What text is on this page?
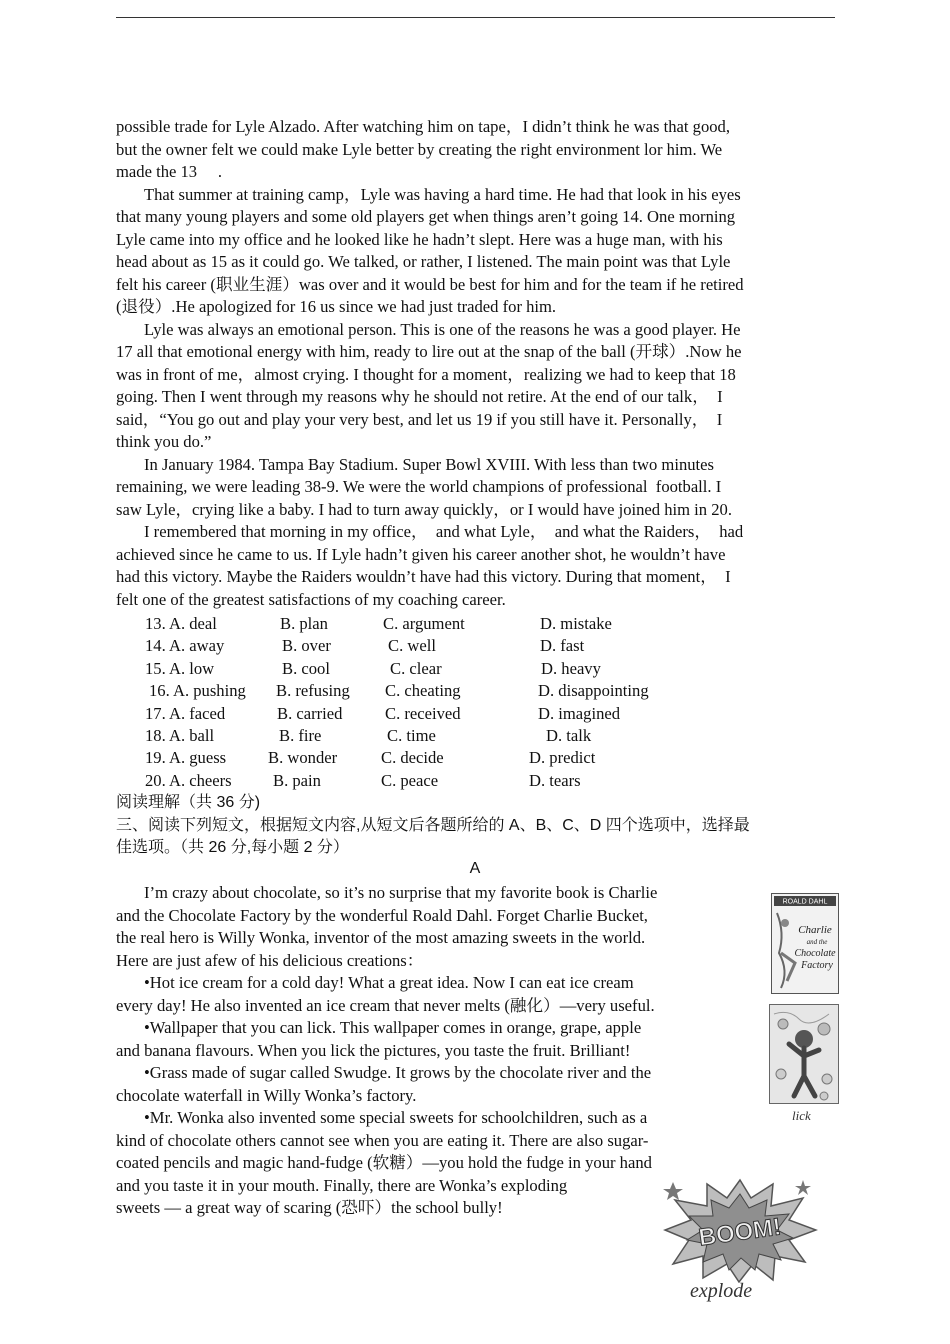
possible trade for Lyle Alzado. After watching him on tape，I didn’t think he was that good,
but the owner felt we could make Lyle better by creating the right environment lor him. We
made the 13     .
That summer at training camp，Lyle was having a hard time. He had that look in his eyes
that many young players and some old players get when things aren’t going 14. One morning
Lyle came into my office and he looked like he hadn’t slept. Here was a huge man, with his
head about as 15 as it could go. We talked, or rather, I listened. The main point was that Lyle
felt his career (职业生涯）was over and it would be best for him and for the team if he retired
(退役）.He apologized for 16 us since we had just traded for him.
Lyle was always an emotional person. This is one of the reasons he was a good player. He
17 all that emotional energy with him, ready to lire out at the snap of the ball (开球）.Now he
was in front of me，almost crying. I thought for a moment，realizing we had to keep that 18
going. Then I went through my reasons why he should not retire. At the end of our talk，  I
said，“You go out and play your very best, and let us 19 if you still have it. Personally，  I
think you do.”
In January 1984. Tampa Bay Stadium. Super Bowl XVIII. With less than two minutes
remaining, we were leading 38-9. We were the world champions of professional  football. I
saw Lyle，crying like a baby. I had to turn away quickly，or I would have joined him in 20.
I remembered that morning in my office，  and what Lyle，  and what the Raiders，  had
achieved since he came to us. If Lyle hadn’t given his career another shot, he wouldn’t have
had this victory. Maybe the Raiders wouldn’t have had this victory. During that moment，  I
felt one of the greatest satisfactions of my coaching career.
13. A. deal	B. plan	C. argument	D. mistake
14. A. away	B. over	C. well	D. fast
15. A. low	B. cool	C. clear	D. heavy
16. A. pushing B. refusing C. cheating	D. disappointing
17. A. faced	B. carried	C. received	D. imagined
18. A. ball	B. fire	C. time	D. talk
19. A. guess	B. wonder	C. decide	D. predict
20. A. cheers B. pain	C. peace	D. tears
阅读理解（共 36 分)
三、阅读下列短文，根据短文内容,从短文后各题所给的 A、B、C、D 四个选项中，选择最
佳选项。（共 26 分,每小题 2 分）
A
I’m crazy about chocolate, so it’s no surprise that my favorite book is Charlie
and the Chocolate Factory by the wonderful Roald Dahl. Forget Charlie Bucket,
the real hero is Willy Wonka, inventor of the most amazing sweets in the world.
Here are just afew of his delicious creations：
•Hot ice cream for a cold day! What a great idea. Now I can eat ice cream
every day! He also invented an ice cream that never melts (融化）—very useful.
•Wallpaper that you can lick. This wallpaper comes in orange, grape, apple
and banana flavours. When you lick the pictures, you taste the fruit. Brilliant!
•Grass made of sugar called Swudge. It grows by the chocolate river and the
chocolate waterfall in Willy Wonka’s factory.
•Mr. Wonka also invented some special sweets for schoolchildren, such as a
kind of chocolate others cannot see when you are eating it. There are also sugar-
coated pencils and magic hand-fudge (软糖）—you hold the fudge in your hand
and you taste it in your mouth. Finally, there are Wonka’s exploding
sweets — a great way of scaring (恐吓）the school bully!
ROALD DAHL
Charlie
and the
Chocolate
Factory
lick
BOOM!
explode
